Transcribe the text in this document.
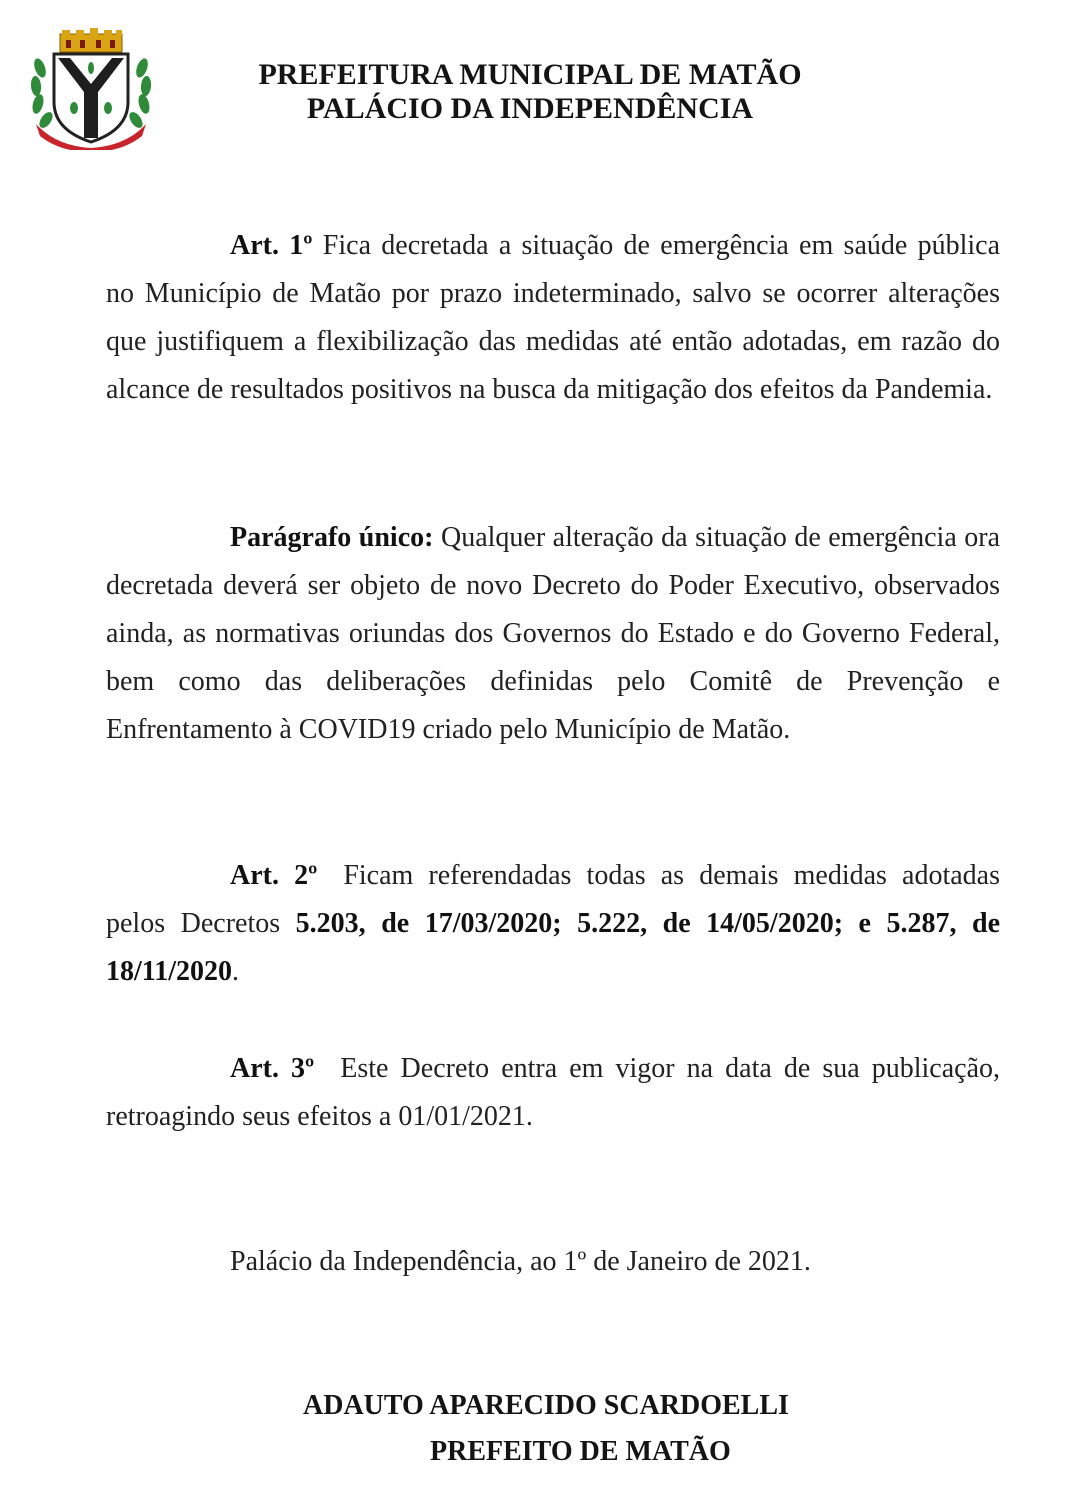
PREFEITURA MUNICIPAL DE MATÃO
PALÁCIO DA INDEPENDÊNCIA
Art. 1º Fica decretada a situação de emergência em saúde pública no Município de Matão por prazo indeterminado, salvo se ocorrer alterações que justifiquem a flexibilização das medidas até então adotadas, em razão do alcance de resultados positivos na busca da mitigação dos efeitos da Pandemia.
Parágrafo único: Qualquer alteração da situação de emergência ora decretada deverá ser objeto de novo Decreto do Poder Executivo, observados ainda, as normativas oriundas dos Governos do Estado e do Governo Federal, bem como das deliberações definidas pelo Comitê de Prevenção e Enfrentamento à COVID19 criado pelo Município de Matão.
Art. 2º Ficam referendadas todas as demais medidas adotadas pelos Decretos 5.203, de 17/03/2020; 5.222, de 14/05/2020; e 5.287, de 18/11/2020.
Art. 3º Este Decreto entra em vigor na data de sua publicação, retroagindo seus efeitos a 01/01/2021.
Palácio da Independência, ao 1º de Janeiro de 2021.
ADAUTO APARECIDO SCARDOELLI
PREFEITO DE MATÃO
